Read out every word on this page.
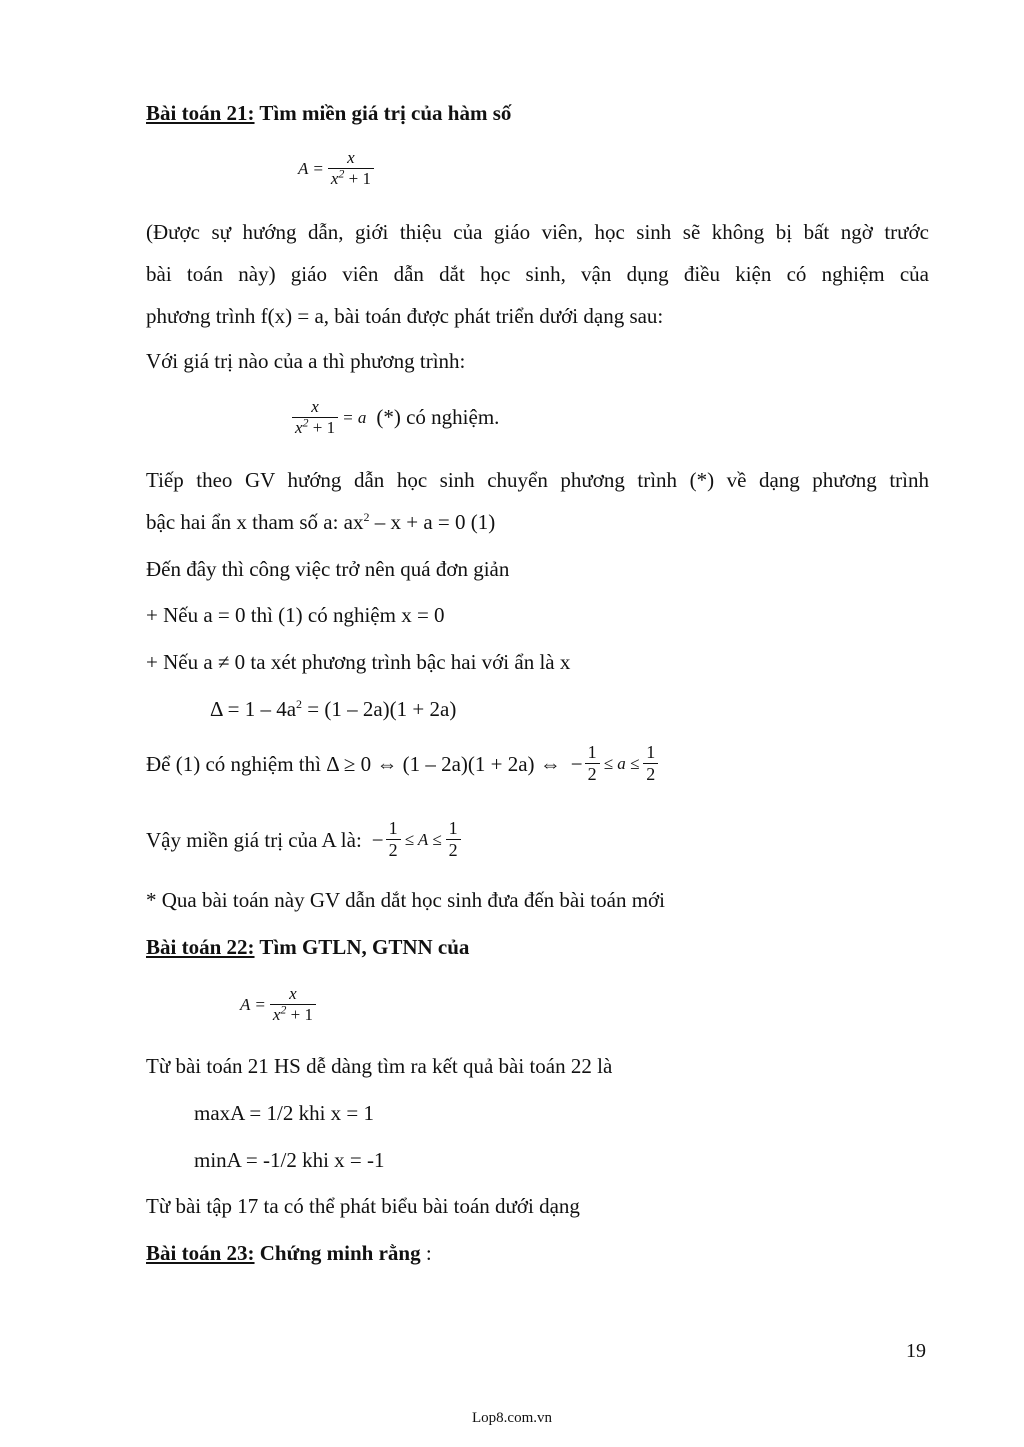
Bài toán 21: Tìm miền giá trị của hàm số

$A = \frac{x}{x^2 + 1}$

(Được sự hướng dẫn, giới thiệu của giáo viên, học sinh sẽ không bị bất ngờ trước

bài toán này) giáo viên dẫn dắt học sinh, vận dụng điều kiện có nghiệm của

phương trình f(x) = a, bài toán được phát triển dưới dạng sau:

Với giá trị nào của a thì phương trình:

$\frac{x}{x^2 + 1} = a$ (*) có nghiệm.

Tiếp theo GV hướng dẫn học sinh chuyển phương trình (*) về dạng phương trình

bậc hai ẩn x tham số a: $ax^2 - x + a = 0$ (1)

Đến đây thì công việc trở nên quá đơn giản

+ Nếu a = 0 thì (1) có nghiệm x = 0

+ Nếu a ≠ 0 ta xét phương trình bậc hai với ẩn là x

$\Delta = 1 - 4a^2 = (1 - 2a)(1 + 2a)$

Để (1) có nghiệm thì Δ ≥ 0 ⇔ (1 – 2a)(1 + 2a) ⇔ − $\frac{1}{2} \le a \le \frac{1}{2}$
Vậy miền giá trị của A là: − $\frac{1}{2} \le A \le \frac{1}{2}$

* Qua bài toán này GV dẫn dắt học sinh đưa đến bài toán mới

Bài toán 22: Tìm GTLN, GTNN của

$A = \frac{x}{x^2 + 1}$

Từ bài toán 21 HS dễ dàng tìm ra kết quả bài toán 22 là

maxA = 1/2 khi x = 1

minA = -1/2 khi x = -1

Từ bài tập 17 ta có thể phát biểu bài toán dưới dạng

Bài toán 23: Chứng minh rằng :

19
Lop8.com.vn
